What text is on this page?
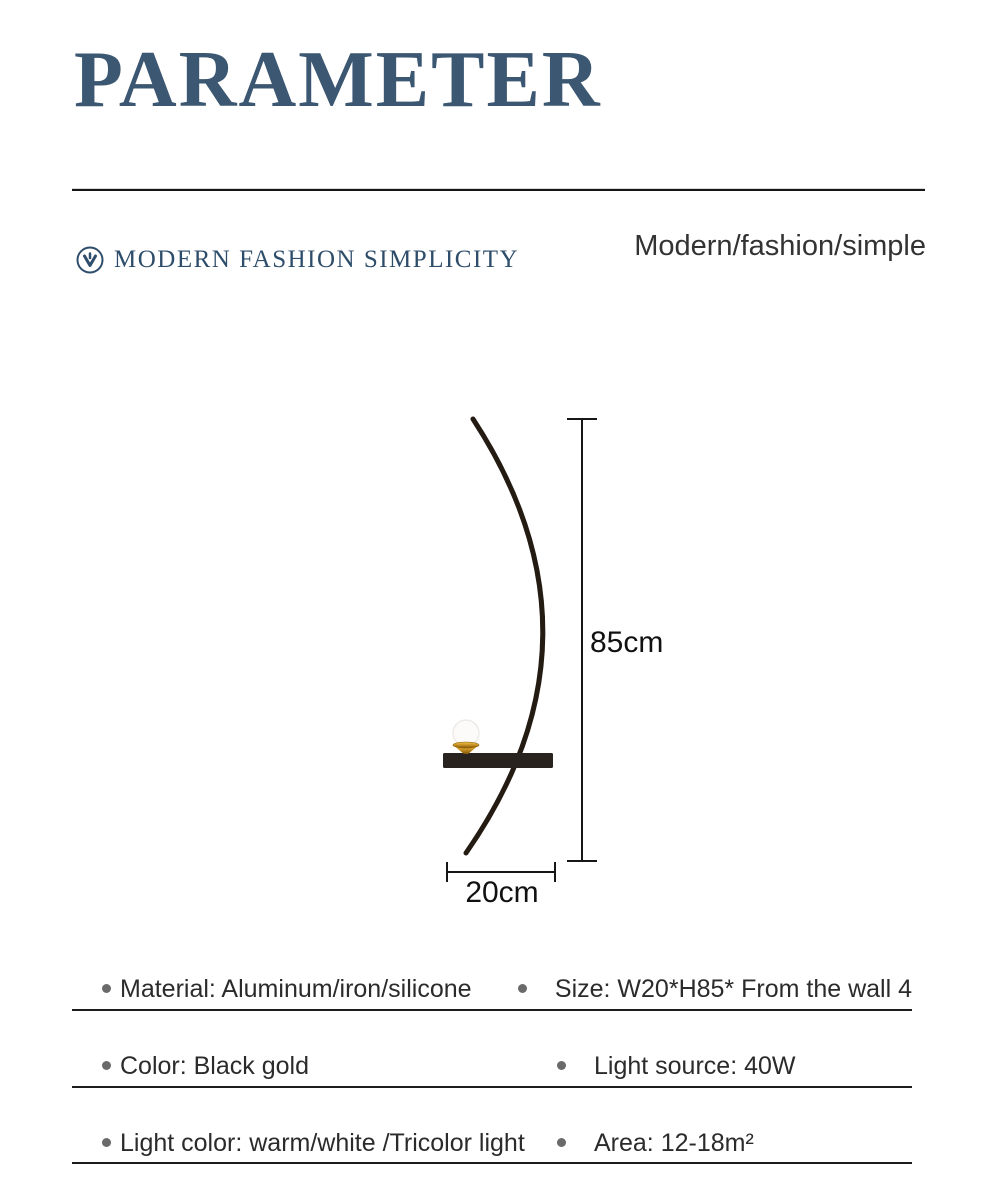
PARAMETER
MODERN FASHION SIMPLICITY	Modern/fashion/simple
85cm
20cm
Material: Aluminum/iron/silicone	Size: W20*H85* From the wall 4
Color: Black gold	Light source: 40W
Light color: warm/white /Tricolor light	Area: 12-18m²
